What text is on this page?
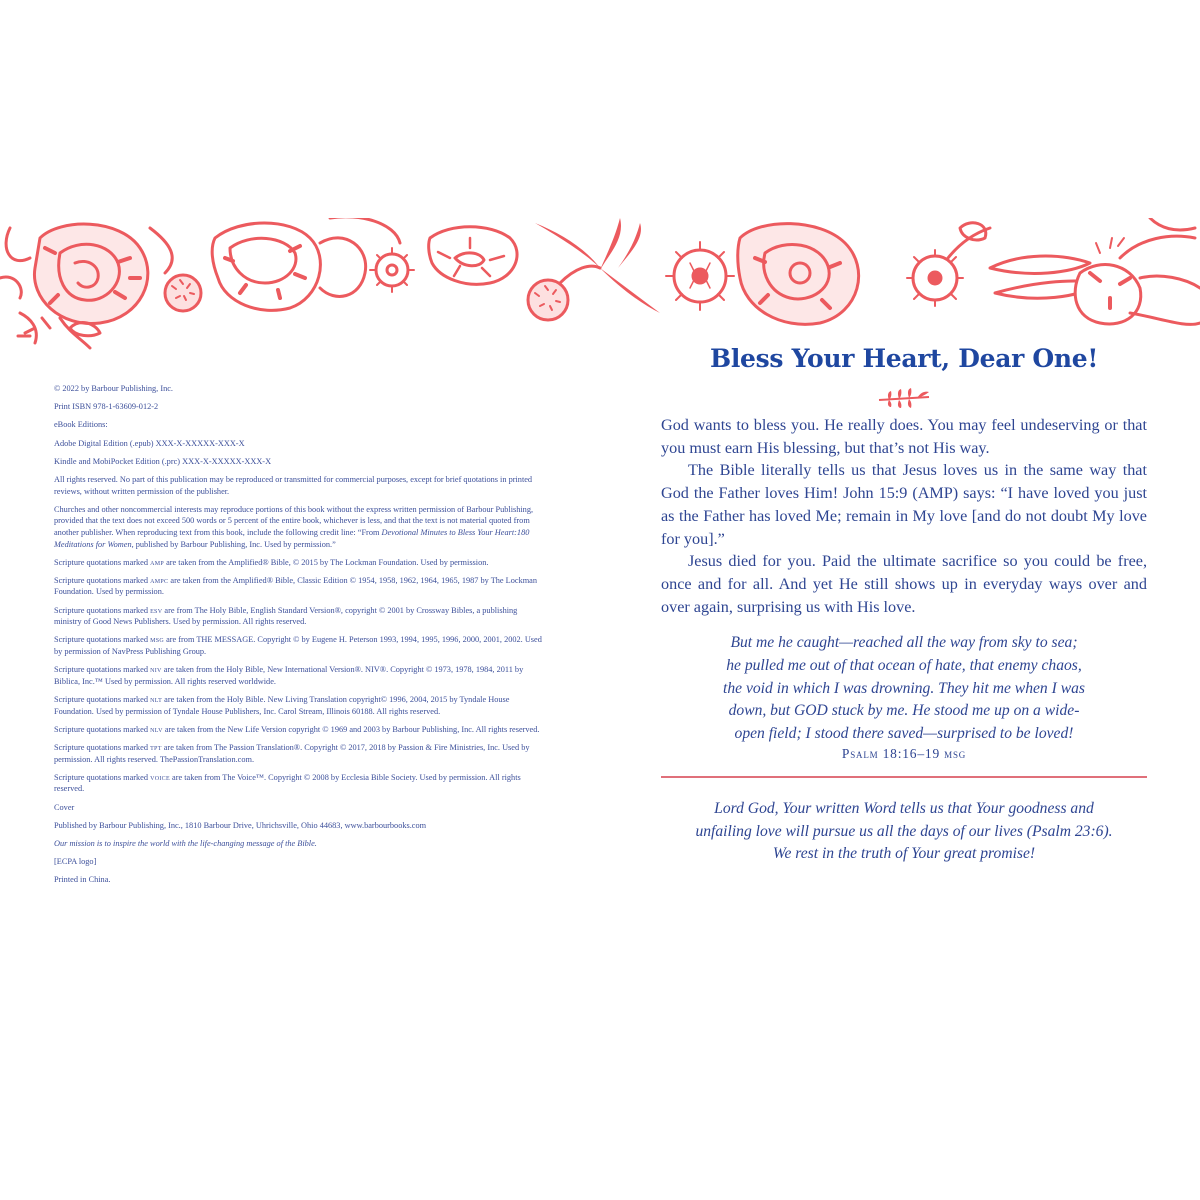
© 2022 by Barbour Publishing, Inc.

Print ISBN 978-1-63609-012-2

eBook Editions:

Adobe Digital Edition (.epub) XXX-X-XXXXX-XXX-X

Kindle and MobiPocket Edition (.prc) XXX-X-XXXXX-XXX-X

All rights reserved. No part of this publication may be reproduced or transmitted for commercial purposes, except for brief quotations in printed reviews, without written permission of the publisher.

Churches and other noncommercial interests may reproduce portions of this book without the express written permission of Barbour Publishing, provided that the text does not exceed 500 words or 5 percent of the entire book, whichever is less, and that the text is not material quoted from another publisher. When reproducing text from this book, include the following credit line: “From Devotional Minutes to Bless Your Heart:180 Meditations for Women, published by Barbour Publishing, Inc. Used by permission.”

Scripture quotations marked amp are taken from the Amplified® Bible, © 2015 by The Lockman Foundation. Used by permission.

Scripture quotations marked ampc are taken from the Amplified® Bible, Classic Edition © 1954, 1958, 1962, 1964, 1965, 1987 by The Lockman Foundation. Used by permission.

Scripture quotations marked esv are from The Holy Bible, English Standard Version®, copyright © 2001 by Crossway Bibles, a publishing ministry of Good News Publishers. Used by permission. All rights reserved.

Scripture quotations marked msg are from THE MESSAGE. Copyright © by Eugene H. Peterson 1993, 1994, 1995, 1996, 2000, 2001, 2002. Used by permission of NavPress Publishing Group.

Scripture quotations marked niv are taken from the Holy Bible, New International Version®. NIV®. Copyright © 1973, 1978, 1984, 2011 by Biblica, Inc.™ Used by permission. All rights reserved worldwide.

Scripture quotations marked nlt are taken from the Holy Bible. New Living Translation copyright© 1996, 2004, 2015 by Tyndale House Foundation. Used by permission of Tyndale House Publishers, Inc. Carol Stream, Illinois 60188. All rights reserved.

Scripture quotations marked nlv are taken from the New Life Version copyright © 1969 and 2003 by Barbour Publishing, Inc. All rights reserved.

Scripture quotations marked tpt are taken from The Passion Translation®. Copyright © 2017, 2018 by Passion & Fire Ministries, Inc. Used by permission. All rights reserved. ThePassionTranslation.com.

Scripture quotations marked voice are taken from The Voice™. Copyright © 2008 by Ecclesia Bible Society. Used by permission. All rights reserved.

Cover

Published by Barbour Publishing, Inc., 1810 Barbour Drive, Uhrichsville, Ohio 44683, www.barbourbooks.com

Our mission is to inspire the world with the life-changing message of the Bible.

[ECPA logo]

Printed in China.

Bless Your Heart, Dear One!

God wants to bless you. He really does. You may feel undeserving or that you must earn His blessing, but that’s not His way.

The Bible literally tells us that Jesus loves us in the same way that God the Father loves Him! John 15:9 (AMP) says: “I have loved you just as the Father has loved Me; remain in My love [and do not doubt My love for you].”

Jesus died for you. Paid the ultimate sacrifice so you could be free, once and for all. And yet He still shows up in everyday ways over and over again, surprising us with His love.

But me he caught—reached all the way from sky to sea;
he pulled me out of that ocean of hate, that enemy chaos,
the void in which I was drowning. They hit me when I was
down, but GOD stuck by me. He stood me up on a wide-
open field; I stood there saved—surprised to be loved!
Psalm 18:16–19 msg
Lord God, Your written Word tells us that Your goodness and
unfailing love will pursue us all the days of our lives (Psalm 23:6).
We rest in the truth of Your great promise!
